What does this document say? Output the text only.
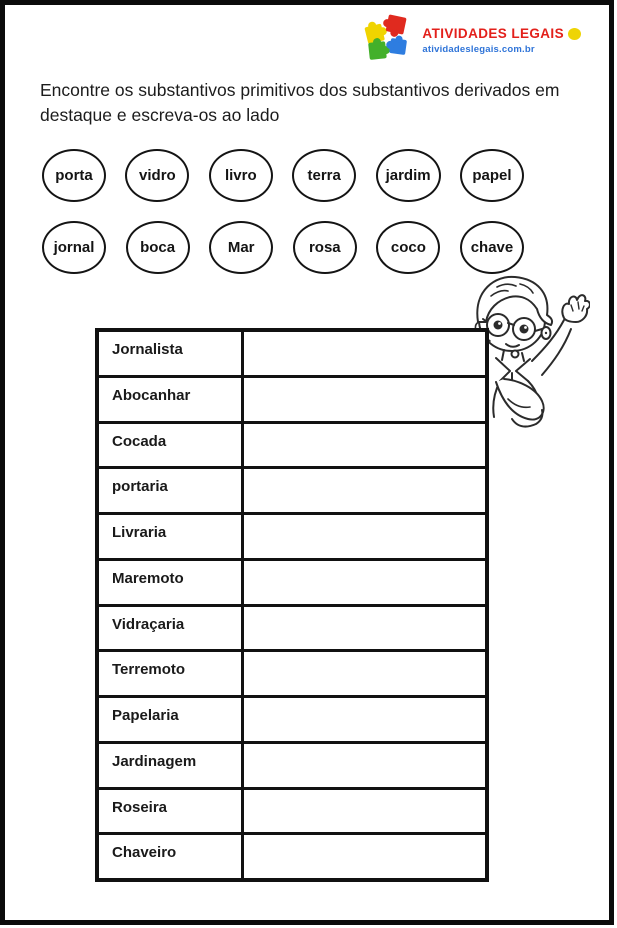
ATIVIDADES LEGAIS
atividadeslegais.com.br

Encontre os substantivos primitivos dos substantivos derivados em destaque e escreva-os ao lado

porta	vidro	livro	terra	jardim	papel
jornal	boca	Mar	rosa	coco	chave
Jornalista
Abocanhar
Cocada
portaria
Livraria
Maremoto
Vidraçaria
Terremoto
Papelaria
Jardinagem
Roseira
Chaveiro
